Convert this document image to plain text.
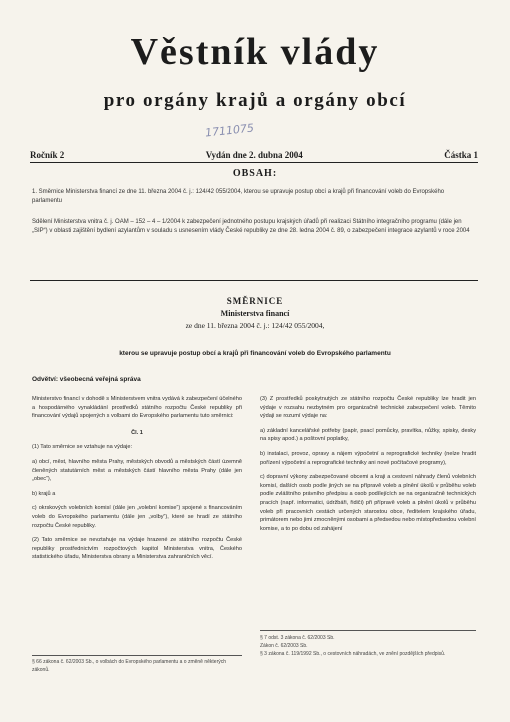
Věstník vlády
pro orgány krajů a orgány obcí
1711075
Ročník 2	Vydán dne 2. dubna 2004	Částka 1
OBSAH:
1. Směrnice Ministerstva financí ze dne 11. března 2004 č. j.: 124/42 055/2004, kterou se upravuje postup obcí a krajů při financování voleb do Evropského parlamentu
Sdělení Ministerstva vnitra č. j. OAM – 152 – 4 – 1/2004 k zabezpečení jednotného postupu krajských úřadů při realizaci Státního integračního programu (dále jen „SIP“) v oblasti zajištění bydlení azylantům v souladu s usnesením vlády České republiky ze dne 28. ledna 2004 č. 89, o zabezpečení integrace azylantů v roce 2004
SMĚRNICE
Ministerstva financí
ze dne 11. března 2004 č. j.: 124/42 055/2004,
kterou se upravuje postup obcí a krajů při financování voleb do Evropského parlamentu
Odvětví: všeobecná veřejná správa

Ministerstvo financí v dohodě s Ministerstvem vnitra vydává k zabezpečení účelného a hospodárného vynakládání prostředků státního rozpočtu České republiky při financování výdajů spojených s volbami do Evropského parlamentu tuto směrnici:

Čl. 1

(1) Tato směrnice se vztahuje na výdaje:

a) obcí, měst, hlavního města Prahy, městských obvodů a městských částí územně členěných statutárních měst a městských částí hlavního města Prahy (dále jen „obec“),

b) krajů a

c) okrskových volebních komisí (dále jen „volební komise“) spojené s financováním voleb do Evropského parlamentu (dále jen „volby“), které se hradí ze státního rozpočtu České republiky.

(2) Tato směrnice se nevztahuje na výdaje hrazené ze státního rozpočtu České republiky prostřednictvím rozpočtových kapitol Ministerstva vnitra, Českého statistického úřadu, Ministerstva obrany a Ministerstva zahraničních věcí.

(3) Z prostředků poskytnutých ze státního rozpočtu České republiky lze hradit jen výdaje v rozsahu nezbytném pro organizačně technické zabezpečení voleb. Těmito výdaji se rozumí výdaje na:

a) základní kancelářské potřeby (papír, psací pomůcky, pravítka, nůžky, spisky, desky na spisy apod.) a poštovní poplatky,

b) instalaci, provoz, opravy a nájem výpočetní a reprografické techniky (nelze hradit pořízení výpočetní a reprografické techniky ani nové počítačové programy),

c) dopravní výkony zabezpečované obcemi a kraji a cestovní náhrady členů volebních komisí, dalších osob podle jiných se na přípravě voleb a plnění úkolů v průběhu voleb podle zvláštního právního předpisu a osob podílejících se na organizačně technických pracích (např. informatici, údržbáři, řidiči) při přípravě voleb a plnění úkolů v průběhu voleb při pracovních cestách určených starostou obce, ředitelem krajského úřadu, primátorem nebo jimi zmocněnými osobami a předsedou nebo místopředsedou volební komise, a to po dobu od zahájení

§ 66 zákona č. 62/2003 Sb., o volbách do Evropského parlamentu a o změně některých zákonů.
§ 7 odst. 3 zákona č. 62/2003 Sb.
Zákon č. 62/2003 Sb.
§ 3 zákona č. 119/1992 Sb., o cestovních náhradách, ve znění pozdějších předpisů.
